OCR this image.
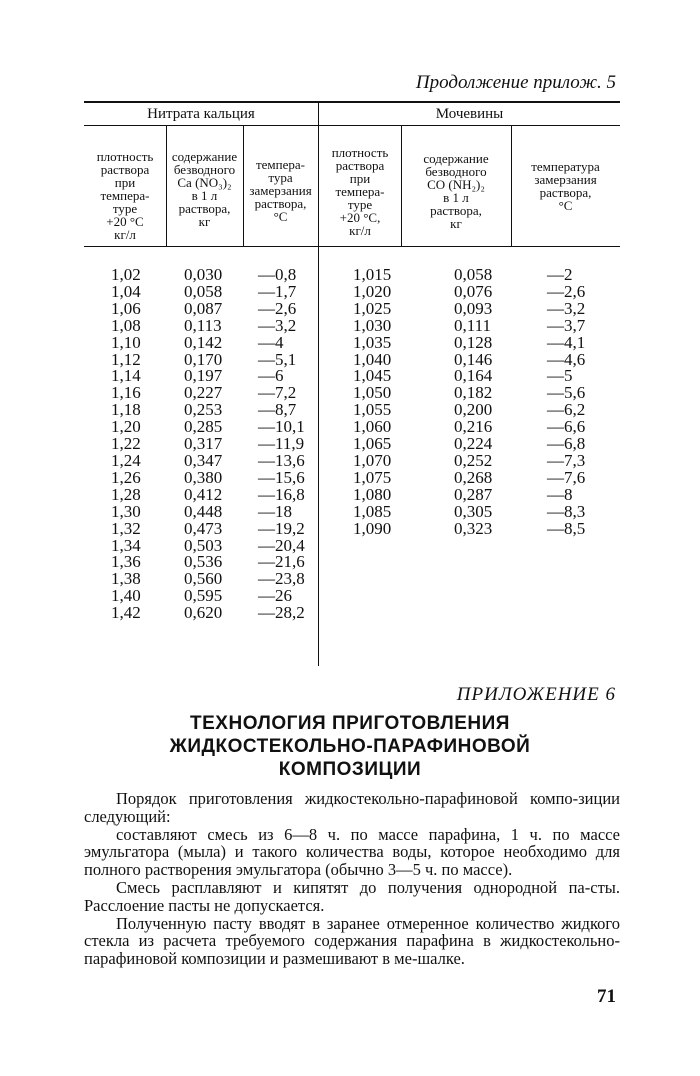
Продолжение прилож. 5
Нитрата кальция	Мочевины
плотность
раствора
при
темпера-
туре
+20 °С
кг/л
содержание
безводного
Ca (NO₃)₂
в 1 л
раствора,
кг
темпера-
тура
замерзания
раствора,
°С
плотность
раствора
при
темпера-
туре
+20 °С,
кг/л
содержание
безводного
CO (NH₂)₂
в 1 л
раствора,
кг
температура
замерзания
раствора,
°С
1,02
1,04
1,06
1,08
1,10
1,12
1,14
1,16
1,18
1,20
1,22
1,24
1,26
1,28
1,30
1,32
1,34
1,36
1,38
1,40
1,42
0,030
0,058
0,087
0,113
0,142
0,170
0,197
0,227
0,253
0,285
0,317
0,347
0,380
0,412
0,448
0,473
0,503
0,536
0,560
0,595
0,620
—0,8
—1,7
—2,6
—3,2
—4
—5,1
—6
—7,2
—8,7
—10,1
—11,9
—13,6
—15,6
—16,8
—18
—19,2
—20,4
—21,6
—23,8
—26
—28,2
1,015
1,020
1,025
1,030
1,035
1,040
1,045
1,050
1,055
1,060
1,065
1,070
1,075
1,080
1,085
1,090
0,058
0,076
0,093
0,111
0,128
0,146
0,164
0,182
0,200
0,216
0,224
0,252
0,268
0,287
0,305
0,323
—2
—2,6
—3,2
—3,7
—4,1
—4,6
—5
—5,6
—6,2
—6,6
—6,8
—7,3
—7,6
—8
—8,3
—8,5
ПРИЛОЖЕНИЕ 6
ТЕХНОЛОГИЯ ПРИГОТОВЛЕНИЯ
ЖИДКОСТЕКОЛЬНО-ПАРАФИНОВОЙ
КОМПОЗИЦИИ

Порядок приготовления жидкостекольно-парафиновой компо-зиции следующий:

составляют смесь из 6—8 ч. по массе парафина, 1 ч. по массе эмульгатора (мыла) и такого количества воды, которое необходимо для полного растворения эмульгатора (обычно 3—5 ч. по массе).

Смесь расплавляют и кипятят до получения однородной па-сты. Расслоение пасты не допускается.

Полученную пасту вводят в заранее отмеренное количество жидкого стекла из расчета требуемого содержания парафина в жидкостекольно-парафиновой композиции и размешивают в ме-шалке.

71
